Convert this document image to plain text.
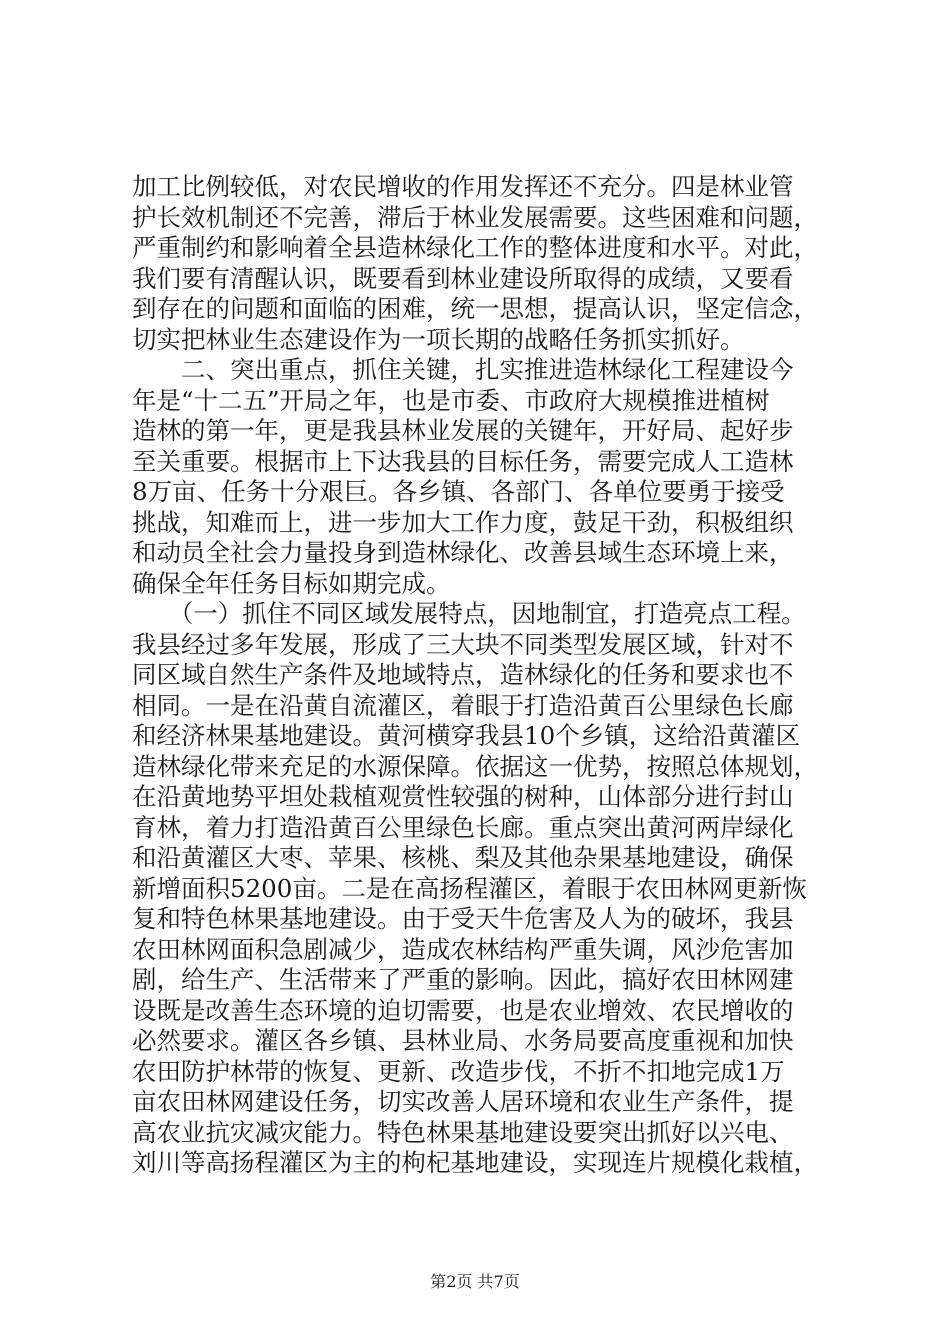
加工比例较低，对农民增收的作用发挥还不充分。四是林业管
护长效机制还不完善，滞后于林业发展需要。这些困难和问题，
严重制约和影响着全县造林绿化工作的整体进度和水平。对此，
我们要有清醒认识，既要看到林业建设所取得的成绩，又要看
到存在的问题和面临的困难，统一思想，提高认识，坚定信念，
切实把林业生态建设作为一项长期的战略任务抓实抓好。
　　二、突出重点，抓住关键，扎实推进造林绿化工程建设今
年是“十二五”开局之年，也是市委、市政府大规模推进植树
造林的第一年，更是我县林业发展的关键年，开好局、起好步
至关重要。根据市上下达我县的目标任务，需要完成人工造林
8万亩、任务十分艰巨。各乡镇、各部门、各单位要勇于接受
挑战，知难而上，进一步加大工作力度，鼓足干劲，积极组织
和动员全社会力量投身到造林绿化、改善县域生态环境上来，
确保全年任务目标如期完成。
　　（一）抓住不同区域发展特点，因地制宜，打造亮点工程。
我县经过多年发展，形成了三大块不同类型发展区域，针对不
同区域自然生产条件及地域特点，造林绿化的任务和要求也不
相同。一是在沿黄自流灌区，着眼于打造沿黄百公里绿色长廊
和经济林果基地建设。黄河横穿我县10个乡镇，这给沿黄灌区
造林绿化带来充足的水源保障。依据这一优势，按照总体规划，
在沿黄地势平坦处栽植观赏性较强的树种，山体部分进行封山
育林，着力打造沿黄百公里绿色长廊。重点突出黄河两岸绿化
和沿黄灌区大枣、苹果、核桃、梨及其他杂果基地建设，确保
新增面积5200亩。二是在高扬程灌区，着眼于农田林网更新恢
复和特色林果基地建设。由于受天牛危害及人为的破坏，我县
农田林网面积急剧减少，造成农林结构严重失调，风沙危害加
剧，给生产、生活带来了严重的影响。因此，搞好农田林网建
设既是改善生态环境的迫切需要，也是农业增效、农民增收的
必然要求。灌区各乡镇、县林业局、水务局要高度重视和加快
农田防护林带的恢复、更新、改造步伐，不折不扣地完成1万
亩农田林网建设任务，切实改善人居环境和农业生产条件，提
高农业抗灾减灾能力。特色林果基地建设要突出抓好以兴电、
刘川等高扬程灌区为主的枸杞基地建设，实现连片规模化栽植，
第2页 共7页
